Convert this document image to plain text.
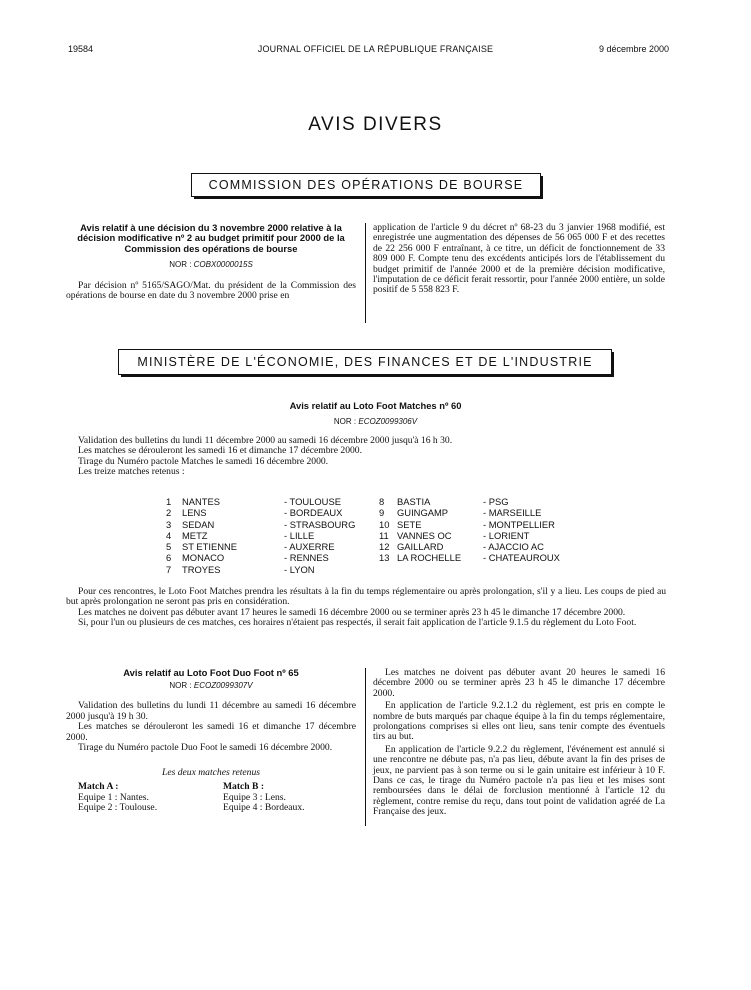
19584	JOURNAL OFFICIEL DE LA RÉPUBLIQUE FRANÇAISE	9 décembre 2000
AVIS DIVERS
COMMISSION DES OPÉRATIONS DE BOURSE
Avis relatif à une décision du 3 novembre 2000 relative à la décision modificative nº 2 au budget primitif pour 2000 de la Commission des opérations de bourse
NOR : COBX0000015S
Par décision nº 5165/SAGO/Mat. du président de la Commission des opérations de bourse en date du 3 novembre 2000 prise en
application de l'article 9 du décret nº 68-23 du 3 janvier 1968 modifié, est enregistrée une augmentation des dépenses de 56 065 000 F et des recettes de 22 256 000 F entraînant, à ce titre, un déficit de fonctionnement de 33 809 000 F. Compte tenu des excédents anticipés lors de l'établissement du budget primitif de l'année 2000 et de la première décision modificative, l'imputation de ce déficit ferait ressortir, pour l'année 2000 entière, un solde positif de 5 558 823 F.
MINISTÈRE DE L'ÉCONOMIE, DES FINANCES ET DE L'INDUSTRIE
Avis relatif au Loto Foot Matches nº 60
NOR : ECOZ0099306V

Validation des bulletins du lundi 11 décembre 2000 au samedi 16 décembre 2000 jusqu'à 16 h 30.

Les matches se dérouleront les samedi 16 et dimanche 17 décembre 2000.

Tirage du Numéro pactole Matches le samedi 16 décembre 2000.

Les treize matches retenus :

1	NANTES	- TOULOUSE
2	LENS	- BORDEAUX
3	SEDAN	- STRASBOURG
4	METZ	- LILLE
5	ST ETIENNE	- AUXERRE
6	MONACO	- RENNES
7	TROYES	- LYON
8	BASTIA	- PSG
9	GUINGAMP	- MARSEILLE
10	SETE	- MONTPELLIER
11	VANNES OC	- LORIENT
12	GAILLARD	- AJACCIO AC
13	LA ROCHELLE	- CHATEAUROUX

Pour ces rencontres, le Loto Foot Matches prendra les résultats à la fin du temps réglementaire ou après prolongation, s'il y a lieu. Les coups de pied au but après prolongation ne seront pas pris en considération.

Les matches ne doivent pas débuter avant 17 heures le samedi 16 décembre 2000 ou se terminer après 23 h 45 le dimanche 17 décembre 2000.

Si, pour l'un ou plusieurs de ces matches, ces horaires n'étaient pas respectés, il serait fait application de l'article 9.1.5 du règlement du Loto Foot.

Avis relatif au Loto Foot Duo Foot nº 65
NOR : ECOZ0099307V

Validation des bulletins du lundi 11 décembre au samedi 16 décembre 2000 jusqu'à 19 h 30.

Les matches se dérouleront les samedi 16 et dimanche 17 décembre 2000.

Tirage du Numéro pactole Duo Foot le samedi 16 décembre 2000.

Les deux matches retenus
Match A :
Equipe 1 : Nantes.
Equipe 2 : Toulouse.
Match B :
Equipe 3 : Lens.
Equipe 4 : Bordeaux.

Les matches ne doivent pas débuter avant 20 heures le samedi 16 décembre 2000 ou se terminer après 23 h 45 le dimanche 17 décembre 2000.

En application de l'article 9.2.1.2 du règlement, est pris en compte le nombre de buts marqués par chaque équipe à la fin du temps réglementaire, prolongations comprises si elles ont lieu, sans tenir compte des éventuels tirs au but.

En application de l'article 9.2.2 du règlement, l'événement est annulé si une rencontre ne débute pas, n'a pas lieu, débute avant la fin des prises de jeux, ne parvient pas à son terme ou si le gain unitaire est inférieur à 10 F. Dans ce cas, le tirage du Numéro pactole n'a pas lieu et les mises sont remboursées dans le délai de forclusion mentionné à l'article 12 du règlement, contre remise du reçu, dans tout point de validation agréé de La Française des jeux.
